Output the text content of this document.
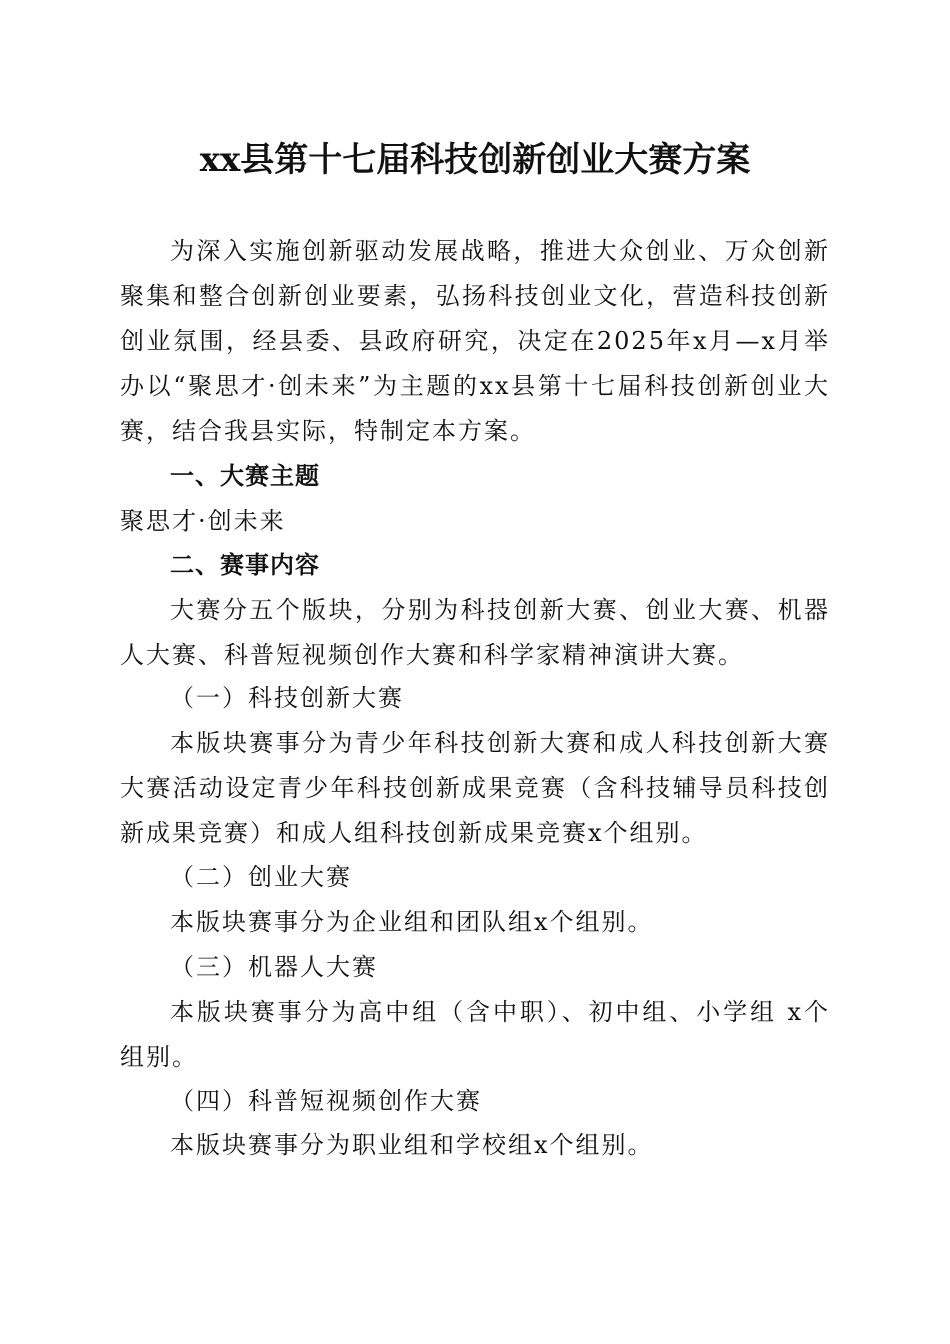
xx县第十七届科技创新创业大赛方案

为深入实施创新驱动发展战略，推进大众创业、万众创新聚集和整合创新创业要素，弘扬科技创业文化，营造科技创新创业氛围，经县委、县政府研究，决定在2025年x月—x月举办以“聚思才·创未来”为主题的xx县第十七届科技创新创业大赛，结合我县实际，特制定本方案。

一、大赛主题

聚思才·创未来

二、赛事内容

大赛分五个版块，分别为科技创新大赛、创业大赛、机器人大赛、科普短视频创作大赛和科学家精神演讲大赛。

（一）科技创新大赛

本版块赛事分为青少年科技创新大赛和成人科技创新大赛大赛活动设定青少年科技创新成果竞赛（含科技辅导员科技创新成果竞赛）和成人组科技创新成果竞赛x个组别。

（二）创业大赛

本版块赛事分为企业组和团队组x个组别。

（三）机器人大赛

本版块赛事分为高中组（含中职）、初中组、小学组 x个组别。

（四）科普短视频创作大赛

本版块赛事分为职业组和学校组x个组别。
